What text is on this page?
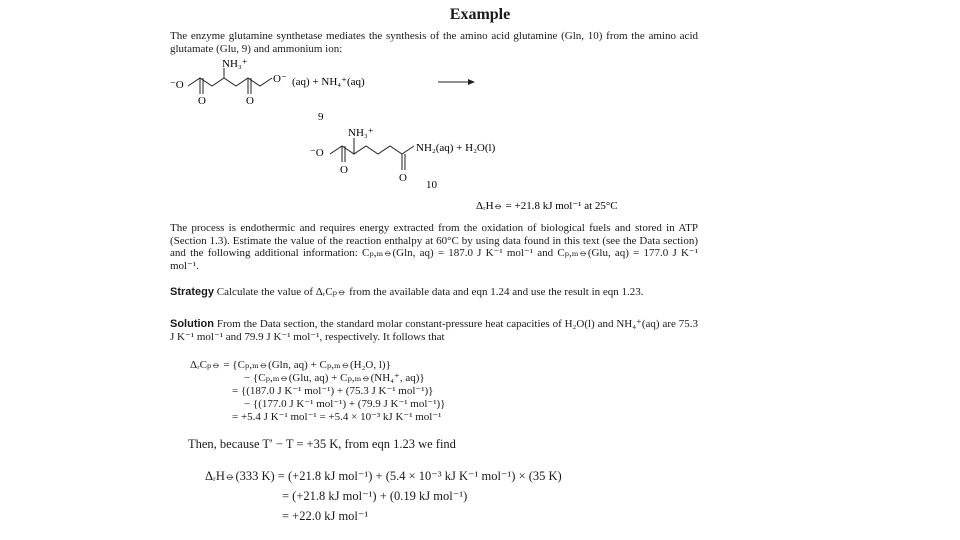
Example
The enzyme glutamine synthetase mediates the synthesis of the amino acid glutamine (Gln, 10) from the amino acid glutamate (Glu, 9) and ammonium ion:
NH₃⁺
⁻O
O	O
O⁻ (aq) + NH₄⁺(aq)
9
NH₃⁺
⁻O
O
O
NH₂(aq) + H₂O(l)
10
ΔᵣH⦵ = +21.8 kJ mol⁻¹ at 25°C
The process is endothermic and requires energy extracted from the oxidation of biological fuels and stored in ATP (Section 1.3). Estimate the value of the reaction enthalpy at 60°C by using data found in this text (see the Data section) and the following additional information: Cₚ,ₘ⦵(Gln, aq) = 187.0 J K⁻¹ mol⁻¹ and Cₚ,ₘ⦵(Glu, aq) = 177.0 J K⁻¹ mol⁻¹.
Strategy Calculate the value of ΔᵣCₚ⦵ from the available data and eqn 1.24 and use the result in eqn 1.23.
Solution From the Data section, the standard molar constant-pressure heat capacities of H₂O(l) and NH₄⁺(aq) are 75.3 J K⁻¹ mol⁻¹ and 79.9 J K⁻¹ mol⁻¹, respectively. It follows that
ΔᵣCₚ⦵ = {Cₚ,ₘ⦵(Gln, aq) + Cₚ,ₘ⦵(H₂O, l)}
− {Cₚ,ₘ⦵(Glu, aq) + Cₚ,ₘ⦵(NH₄⁺, aq)}
= {(187.0 J K⁻¹ mol⁻¹) + (75.3 J K⁻¹ mol⁻¹)}
− {(177.0 J K⁻¹ mol⁻¹) + (79.9 J K⁻¹ mol⁻¹)}
= +5.4 J K⁻¹ mol⁻¹ = +5.4 × 10⁻³ kJ K⁻¹ mol⁻¹
Then, because T′ − T = +35 K, from eqn 1.23 we find
ΔᵣH⦵(333 K) = (+21.8 kJ mol⁻¹) + (5.4 × 10⁻³ kJ K⁻¹ mol⁻¹) × (35 K)
= (+21.8 kJ mol⁻¹) + (0.19 kJ mol⁻¹)
= +22.0 kJ mol⁻¹
